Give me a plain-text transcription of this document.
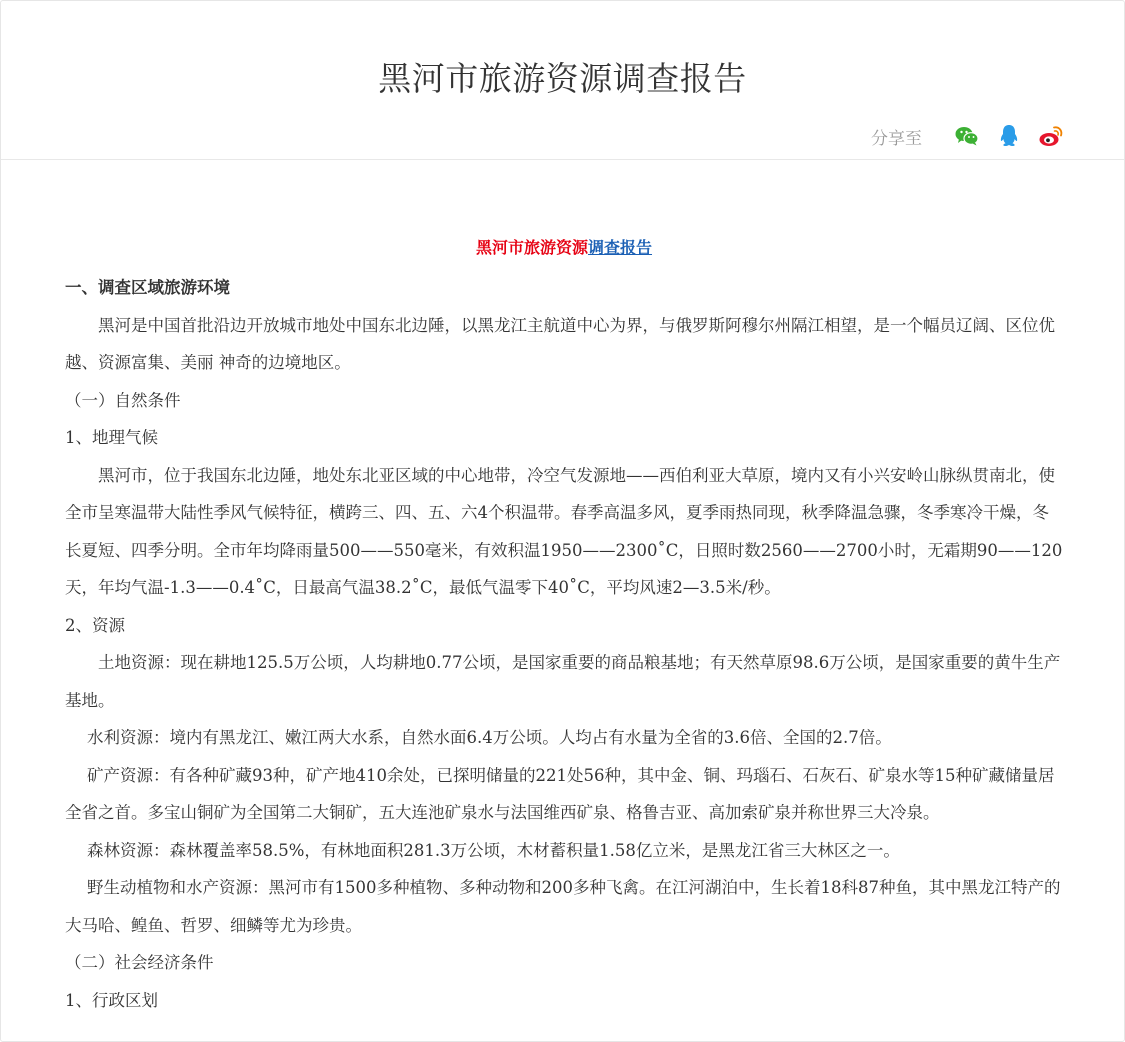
黑河市旅游资源调查报告
分享至
黑河市旅游资源调查报告

一、调查区域旅游环境

黑河是中国首批沿边开放城市地处中国东北边陲，以黑龙江主航道中心为界，与俄罗斯阿穆尔州隔江相望，是一个幅员辽阔、区位优越、资源富集、美丽 神奇的边境地区。

（一）自然条件

1、地理气候

黑河市，位于我国东北边陲，地处东北亚区域的中心地带，冷空气发源地——西伯利亚大草原，境内又有小兴安岭山脉纵贯南北，使全市呈寒温带大陆性季风气候特征，横跨三、四、五、六4个积温带。春季高温多风，夏季雨热同现，秋季降温急骤，冬季寒冷干燥，冬长夏短、四季分明。全市年均降雨量500——550毫米，有效积温1950——2300˚C，日照时数2560——2700小时，无霜期90——120天，年均气温-1.3——0.4˚C，日最高气温38.2˚C，最低气温零下40˚C，平均风速2—3.5米/秒。

2、资源

土地资源：现在耕地125.5万公顷，人均耕地0.77公顷，是国家重要的商品粮基地；有天然草原98.6万公顷，是国家重要的黄牛生产基地。

水利资源：境内有黑龙江、嫩江两大水系，自然水面6.4万公顷。人均占有水量为全省的3.6倍、全国的2.7倍。

矿产资源：有各种矿藏93种，矿产地410余处，已探明储量的221处56种，其中金、铜、玛瑙石、石灰石、矿泉水等15种矿藏储量居全省之首。多宝山铜矿为全国第二大铜矿，五大连池矿泉水与法国维西矿泉、格鲁吉亚、高加索矿泉并称世界三大冷泉。

森林资源：森林覆盖率58.5%，有林地面积281.3万公顷，木材蓄积量1.58亿立米，是黑龙江省三大林区之一。

野生动植物和水产资源：黑河市有1500多种植物、多种动物和200多种飞禽。在江河湖泊中，生长着18科87种鱼，其中黑龙江特产的大马哈、鳇鱼、哲罗、细鳞等尤为珍贵。

（二）社会经济条件

1、行政区划
